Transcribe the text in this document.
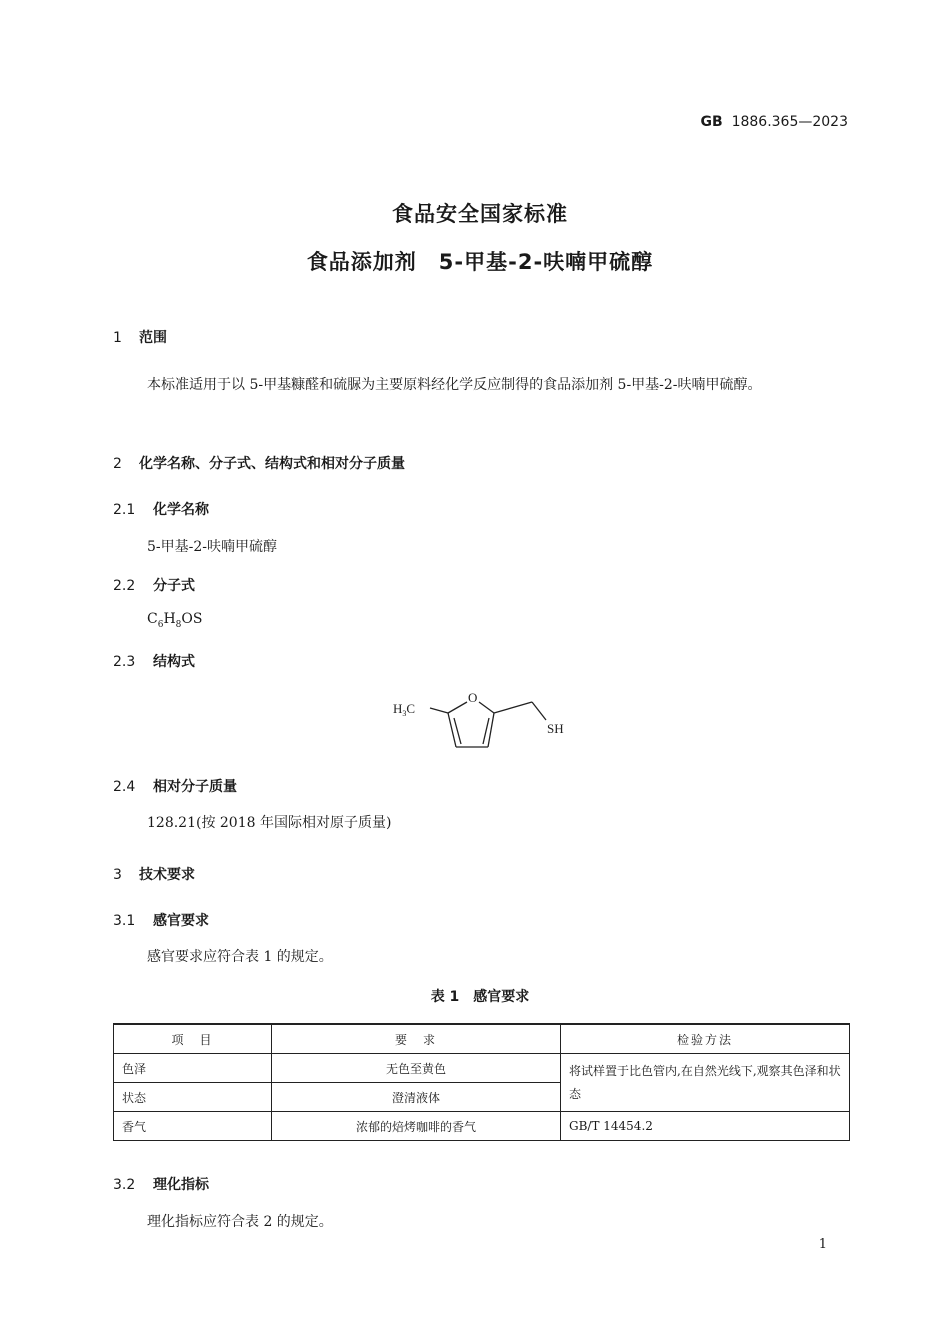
GB 1886.365—2023
食品安全国家标准
食品添加剂　5-甲基-2-呋喃甲硫醇
1 范围
本标准适用于以 5-甲基糠醛和硫脲为主要原料经化学反应制得的食品添加剂 5-甲基-2-呋喃甲硫醇。
2 化学名称、分子式、结构式和相对分子质量
2.1 化学名称
5-甲基-2-呋喃甲硫醇
2.2 分子式
$C_6H_8OS$
2.3 结构式
$H_3C$
O
SH
2.4 相对分子质量
128.21(按 2018 年国际相对原子质量)
3 技术要求
3.1 感官要求
感官要求应符合表 1 的规定。
表 1　感官要求
项　目	要　求	检验方法
色泽	无色至黄色	将试样置于比色管内,在自然光线下,观察其色泽和状态
状态	澄清液体	
香气	浓郁的焙烤咖啡的香气	GB/T 14454.2
3.2 理化指标
理化指标应符合表 2 的规定。
1
